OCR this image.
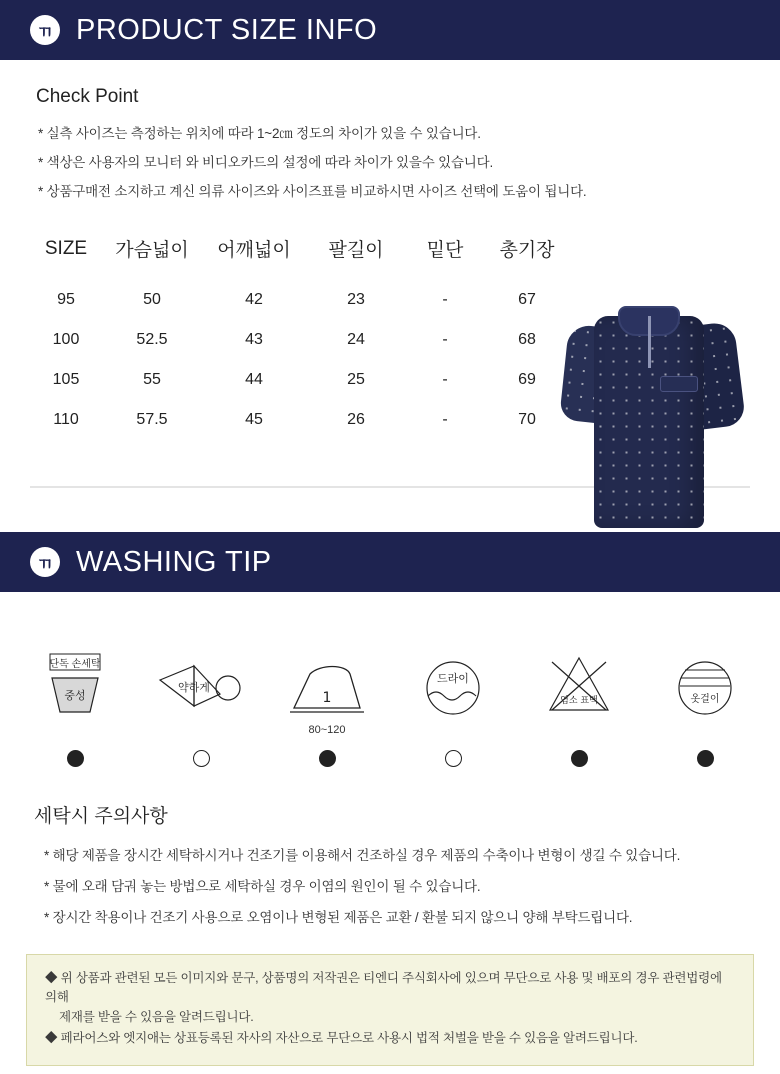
ㄲ PRODUCT SIZE INFO
Check Point

* 실측 사이즈는 측정하는 위치에 따라 1~2㎝ 정도의 차이가 있을 수 있습니다.

* 색상은 사용자의 모니터 와 비디오카드의 설정에 따라 차이가 있을수 있습니다.

* 상품구매전 소지하고 계신 의류 사이즈와 사이즈표를 비교하시면 사이즈 선택에 도움이 됩니다.

SIZE	가슴넓이	어깨넓이	팔길이	밑단	총기장
95	50	42	23	-	67
100	52.5	43	24	-	68
105	55	44	25	-	69
110	57.5	45	26	-	70
ㄲ WASHING TIP
중성
단독 손세탁
약하게
1
80~120
드라이
염소 표백	옷걸이
세탁시 주의사항

* 해당 제품을 장시간 세탁하시거나 건조기를 이용해서 건조하실 경우 제품의 수축이나 변형이 생길 수 있습니다.

* 물에 오래 담궈 놓는 방법으로 세탁하실 경우 이염의 원인이 될 수 있습니다.

* 장시간 착용이나 건조기 사용으로 오염이나 변형된 제품은 교환 / 환불 되지 않으니 양해 부탁드립니다.

◆ 위 상품과 관련된 모든 이미지와 문구, 상품명의 저작권은 티엔디 주식회사에 있으며 무단으로 사용 및 배포의 경우 관련법령에 의해
제재를 받을 수 있음을 알려드립니다.

◆ 페라어스와 엣지애는 상표등록된 자사의 자산으로 무단으로 사용시 법적 처벌을 받을 수 있음을 알려드립니다.
